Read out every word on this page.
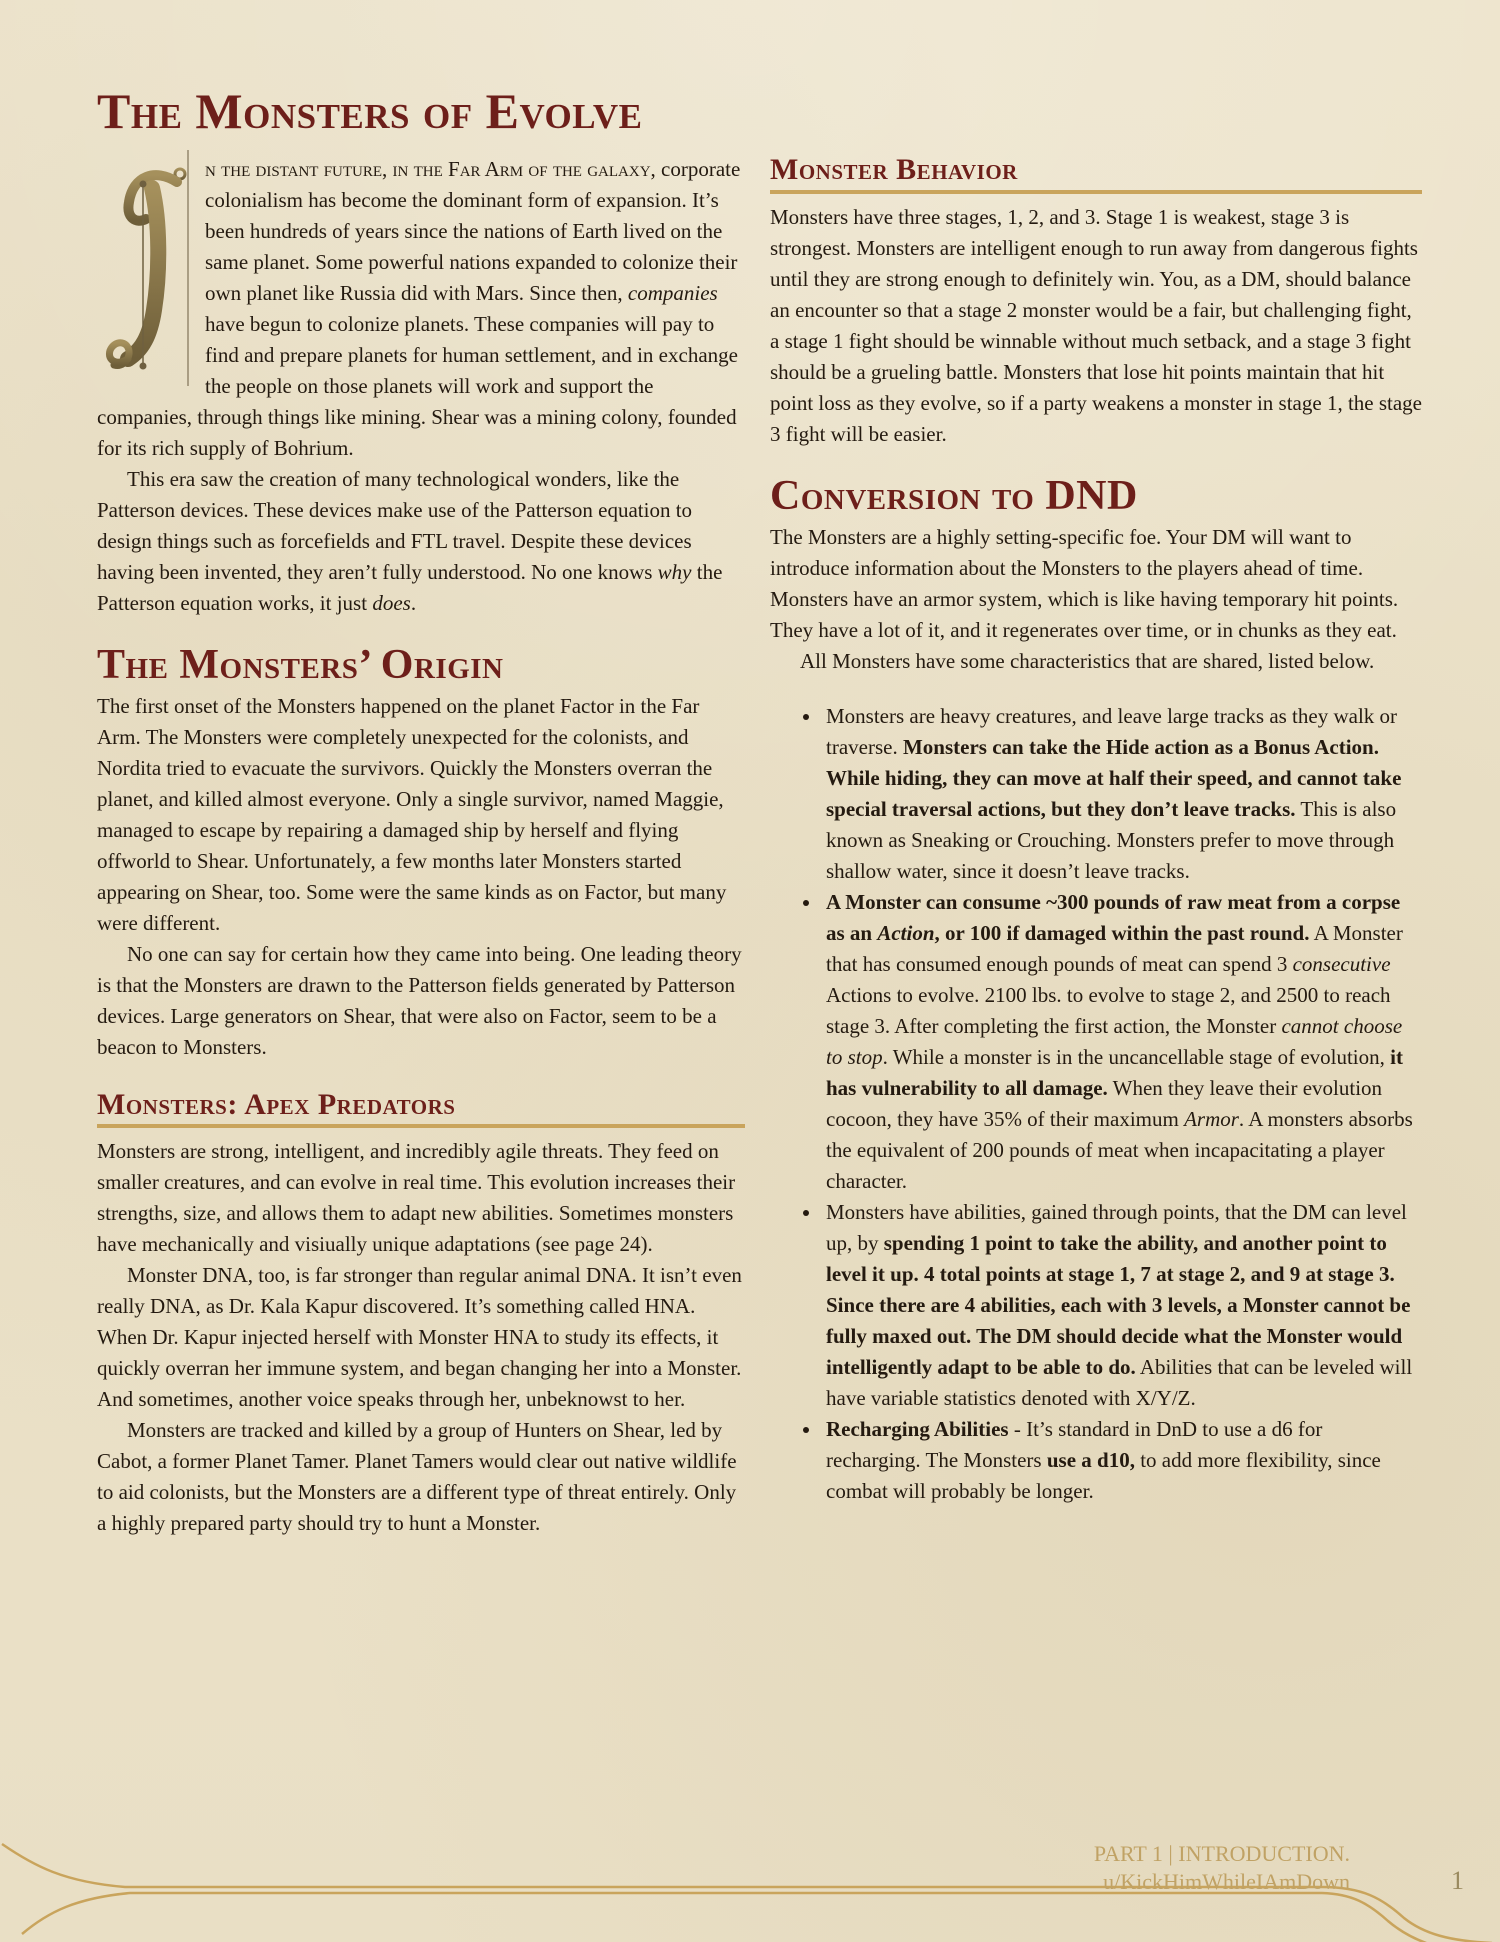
The Monsters of Evolve

n the distant future, in the Far Arm of the galaxy, corporate colonialism has become the dominant form of expansion. It’s been hundreds of years since the nations of Earth lived on the same planet. Some powerful nations expanded to colonize their own planet like Russia did with Mars. Since then, companies have begun to colonize planets. These companies will pay to find and prepare planets for human settlement, and in exchange the people on those planets will work and support the companies, through things like mining. Shear was a mining colony, founded for its rich supply of Bohrium.

This era saw the creation of many technological wonders, like the Patterson devices. These devices make use of the Patterson equation to design things such as forcefields and FTL travel. Despite these devices having been invented, they aren’t fully understood. No one knows why the Patterson equation works, it just does.

The Monsters’ Origin

The first onset of the Monsters happened on the planet Factor in the Far Arm. The Monsters were completely unexpected for the colonists, and Nordita tried to evacuate the survivors. Quickly the Monsters overran the planet, and killed almost everyone. Only a single survivor, named Maggie, managed to escape by repairing a damaged ship by herself and flying offworld to Shear. Unfortunately, a few months later Monsters started appearing on Shear, too. Some were the same kinds as on Factor, but many were different.

No one can say for certain how they came into being. One leading theory is that the Monsters are drawn to the Patterson fields generated by Patterson devices. Large generators on Shear, that were also on Factor, seem to be a beacon to Monsters.

Monsters: Apex Predators

Monsters are strong, intelligent, and incredibly agile threats. They feed on smaller creatures, and can evolve in real time. This evolution increases their strengths, size, and allows them to adapt new abilities. Sometimes monsters have mechanically and visiually unique adaptations (see page 24).

Monster DNA, too, is far stronger than regular animal DNA. It isn’t even really DNA, as Dr. Kala Kapur discovered. It’s something called HNA. When Dr. Kapur injected herself with Monster HNA to study its effects, it quickly overran her immune system, and began changing her into a Monster. And sometimes, another voice speaks through her, unbeknowst to her.

Monsters are tracked and killed by a group of Hunters on Shear, led by Cabot, a former Planet Tamer. Planet Tamers would clear out native wildlife to aid colonists, but the Monsters are a different type of threat entirely. Only a highly prepared party should try to hunt a Monster.

Monster Behavior

Monsters have three stages, 1, 2, and 3. Stage 1 is weakest, stage 3 is strongest. Monsters are intelligent enough to run away from dangerous fights until they are strong enough to definitely win. You, as a DM, should balance an encounter so that a stage 2 monster would be a fair, but challenging fight, a stage 1 fight should be winnable without much setback, and a stage 3 fight should be a grueling battle. Monsters that lose hit points maintain that hit point loss as they evolve, so if a party weakens a monster in stage 1, the stage 3 fight will be easier.

Conversion to DND

The Monsters are a highly setting-specific foe. Your DM will want to introduce information about the Monsters to the players ahead of time. Monsters have an armor system, which is like having temporary hit points. They have a lot of it, and it regenerates over time, or in chunks as they eat.

All Monsters have some characteristics that are shared, listed below.

• Monsters are heavy creatures, and leave large tracks as they walk or traverse. Monsters can take the Hide action as a Bonus Action. While hiding, they can move at half their speed, and cannot take special traversal actions, but they don’t leave tracks. This is also known as Sneaking or Crouching. Monsters prefer to move through shallow water, since it doesn’t leave tracks.
• A Monster can consume ~300 pounds of raw meat from a corpse as an Action, or 100 if damaged within the past round. A Monster that has consumed enough pounds of meat can spend 3 consecutive Actions to evolve. 2100 lbs. to evolve to stage 2, and 2500 to reach stage 3. After completing the first action, the Monster cannot choose to stop. While a monster is in the uncancellable stage of evolution, it has vulnerability to all damage. When they leave their evolution cocoon, they have 35% of their maximum Armor. A monsters absorbs the equivalent of 200 pounds of meat when incapacitating a player character.
• Monsters have abilities, gained through points, that the DM can level up, by spending 1 point to take the ability, and another point to level it up. 4 total points at stage 1, 7 at stage 2, and 9 at stage 3. Since there are 4 abilities, each with 3 levels, a Monster cannot be fully maxed out. The DM should decide what the Monster would intelligently adapt to be able to do. Abilities that can be leveled will have variable statistics denoted with X/Y/Z.
• Recharging Abilities - It’s standard in DnD to use a d6 for recharging. The Monsters use a d10, to add more flexibility, since combat will probably be longer.
PART 1 | INTRODUCTION.
u/KickHimWhileIAmDown	1
